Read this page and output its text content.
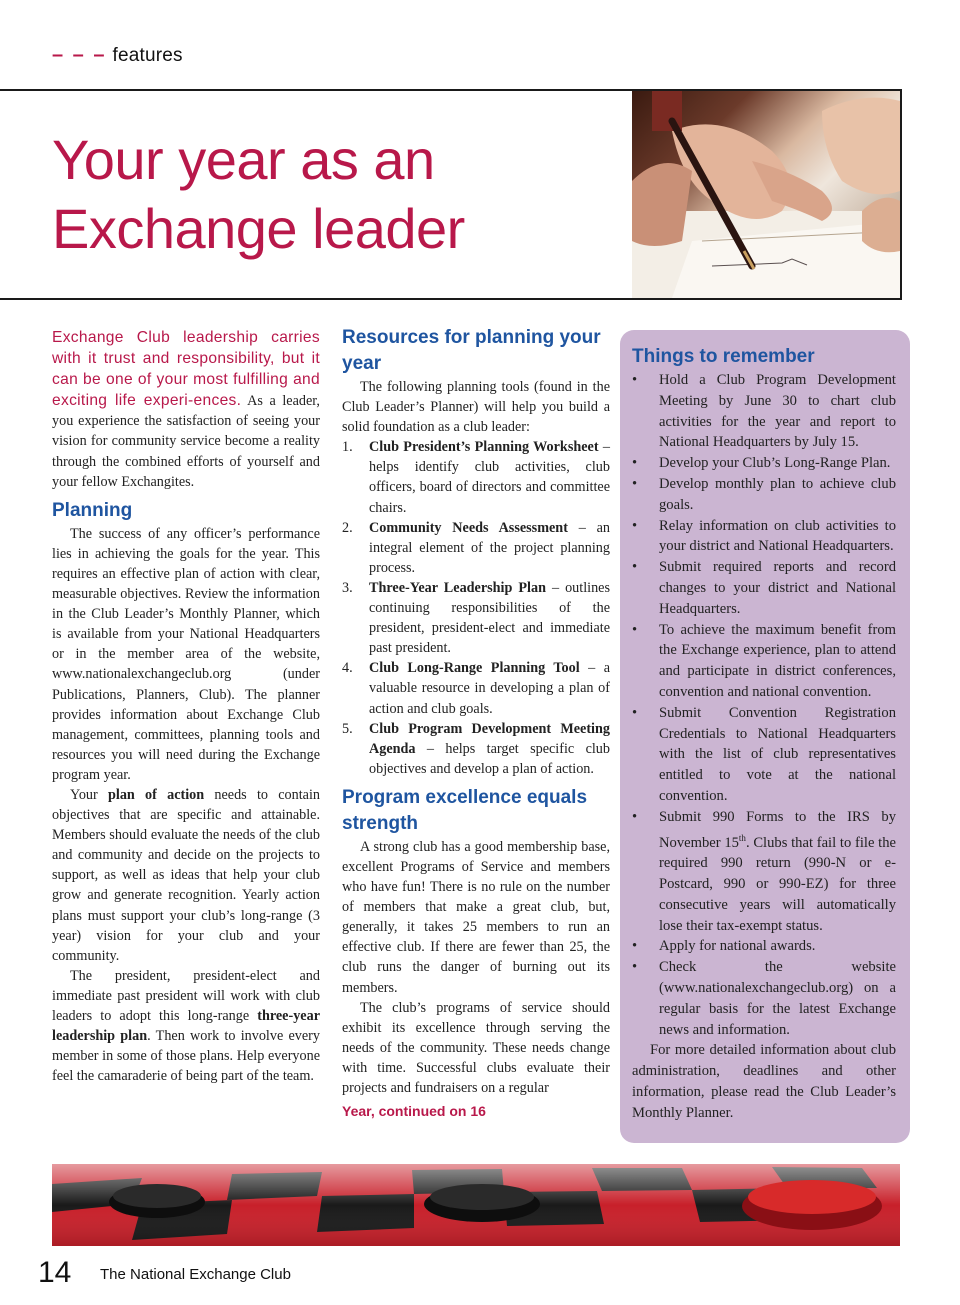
– – – features
Your year as an
Exchange leader

Exchange Club leadership carries with it trust and responsibility, but it can be one of your most fulfilling and exciting life experi-ences. As a leader, you experience the satisfaction of seeing your vision for community service become a reality through the combined efforts of yourself and your fellow Exchangites.

Planning

The success of any officer’s performance lies in achieving the goals for the year. This requires an effective plan of action with clear, measurable objectives. Review the information in the Club Leader’s Monthly Planner, which is available from your National Headquarters or in the member area of the website, www.nationalexchangeclub.org (under Publications, Planners, Club). The planner provides information about Exchange Club management, committees, planning tools and resources you will need during the Exchange program year.

Your plan of action needs to contain objectives that are specific and attainable. Members should evaluate the needs of the club and community and decide on the projects to support, as well as ideas that help your club grow and generate recognition. Yearly action plans must support your club’s long-range (3 year) vision for your club and your community.

The president, president-elect and immediate past president will work with club leaders to adopt this long-range three-year leadership plan. Then work to involve every member in some of those plans. Help everyone feel the camaraderie of being part of the team.

Resources for planning your year

The following planning tools (found in the Club Leader’s Planner) will help you build a solid foundation as a club leader:

1. Club President’s Planning Worksheet – helps identify club activities, club officers, board of directors and committee chairs.
2. Community Needs Assessment – an integral element of the project planning process.
3. Three-Year Leadership Plan – outlines continuing responsibilities of the president, president-elect and immediate past president.
4. Club Long-Range Planning Tool – a valuable resource in developing a plan of action and club goals.
5. Club Program Development Meeting Agenda – helps target specific club objectives and develop a plan of action.
Program excellence equals strength

A strong club has a good membership base, excellent Programs of Service and members who have fun! There is no rule on the number of members that make a great club, but, generally, it takes 25 members to run an effective club. If there are fewer than 25, the club runs the danger of burning out its members.

The club’s programs of service should exhibit its excellence through serving the needs of the community. These needs change with time. Successful clubs evaluate their projects and fundraisers on a regular

Year, continued on 16
Things to remember
• Hold a Club Program Development Meeting by June 30 to chart club activities for the year and report to National Headquarters by July 15.
• Develop your Club’s Long-Range Plan.
• Develop monthly plan to achieve club goals.
• Relay information on club activities to your district and National Headquarters.
• Submit required reports and record changes to your district and National Headquarters.
• To achieve the maximum benefit from the Exchange experience, plan to attend and participate in district conferences, convention and national convention.
• Submit Convention Registration Credentials to National Headquarters with the list of club representatives entitled to vote at the national convention.
• Submit 990 Forms to the IRS by November 15th. Clubs that fail to file the required 990 return (990-N or e-Postcard, 990 or 990-EZ) for three consecutive years will automatically lose their tax-exempt status.
• Apply for national awards.
• Check the website (www.nationalexchangeclub.org) on a regular basis for the latest Exchange news and information.

For more detailed information about club administration, deadlines and other information, please read the Club Leader’s Monthly Planner.

14 The National Exchange Club
